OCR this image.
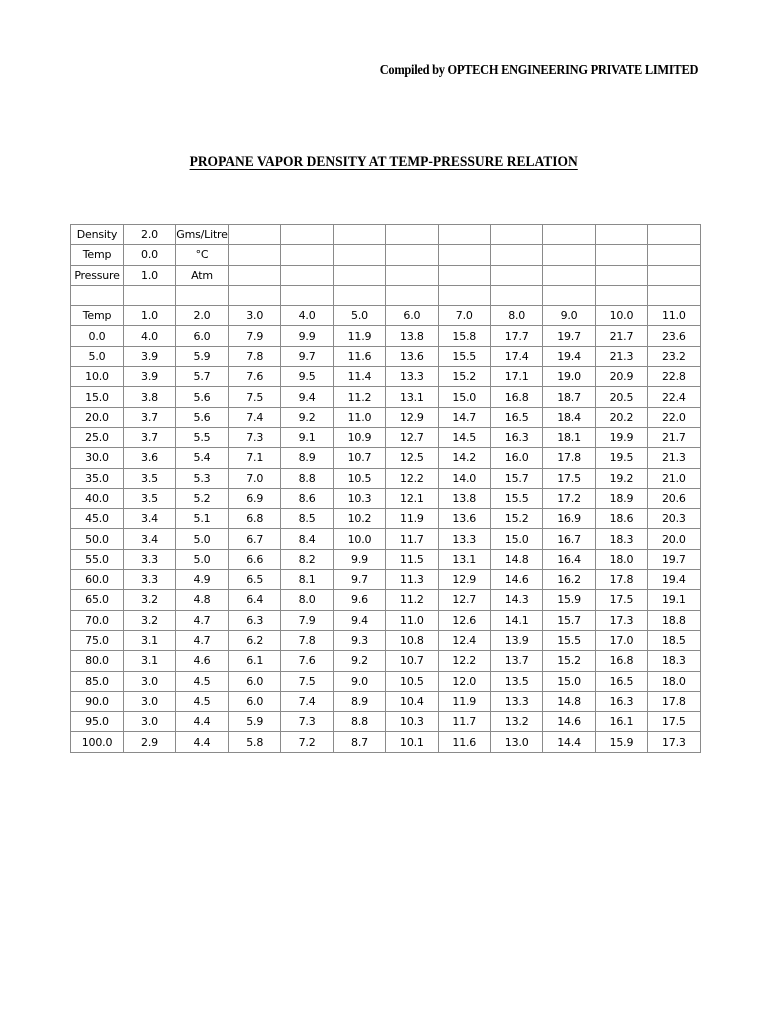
Compiled by OPTECH ENGINEERING PRIVATE LIMITED
PROPANE VAPOR DENSITY AT TEMP-PRESSURE RELATION
Density	2.0	Gms/Litre									
Temp	0.0	°C									
Pressure	1.0	Atm									

Temp	1.0	2.0	3.0	4.0	5.0	6.0	7.0	8.0	9.0	10.0	11.0
0.0	4.0	6.0	7.9	9.9	11.9	13.8	15.8	17.7	19.7	21.7	23.6
5.0	3.9	5.9	7.8	9.7	11.6	13.6	15.5	17.4	19.4	21.3	23.2
10.0	3.9	5.7	7.6	9.5	11.4	13.3	15.2	17.1	19.0	20.9	22.8
15.0	3.8	5.6	7.5	9.4	11.2	13.1	15.0	16.8	18.7	20.5	22.4
20.0	3.7	5.6	7.4	9.2	11.0	12.9	14.7	16.5	18.4	20.2	22.0
25.0	3.7	5.5	7.3	9.1	10.9	12.7	14.5	16.3	18.1	19.9	21.7
30.0	3.6	5.4	7.1	8.9	10.7	12.5	14.2	16.0	17.8	19.5	21.3
35.0	3.5	5.3	7.0	8.8	10.5	12.2	14.0	15.7	17.5	19.2	21.0
40.0	3.5	5.2	6.9	8.6	10.3	12.1	13.8	15.5	17.2	18.9	20.6
45.0	3.4	5.1	6.8	8.5	10.2	11.9	13.6	15.2	16.9	18.6	20.3
50.0	3.4	5.0	6.7	8.4	10.0	11.7	13.3	15.0	16.7	18.3	20.0
55.0	3.3	5.0	6.6	8.2	9.9	11.5	13.1	14.8	16.4	18.0	19.7
60.0	3.3	4.9	6.5	8.1	9.7	11.3	12.9	14.6	16.2	17.8	19.4
65.0	3.2	4.8	6.4	8.0	9.6	11.2	12.7	14.3	15.9	17.5	19.1
70.0	3.2	4.7	6.3	7.9	9.4	11.0	12.6	14.1	15.7	17.3	18.8
75.0	3.1	4.7	6.2	7.8	9.3	10.8	12.4	13.9	15.5	17.0	18.5
80.0	3.1	4.6	6.1	7.6	9.2	10.7	12.2	13.7	15.2	16.8	18.3
85.0	3.0	4.5	6.0	7.5	9.0	10.5	12.0	13.5	15.0	16.5	18.0
90.0	3.0	4.5	6.0	7.4	8.9	10.4	11.9	13.3	14.8	16.3	17.8
95.0	3.0	4.4	5.9	7.3	8.8	10.3	11.7	13.2	14.6	16.1	17.5
100.0	2.9	4.4	5.8	7.2	8.7	10.1	11.6	13.0	14.4	15.9	17.3
